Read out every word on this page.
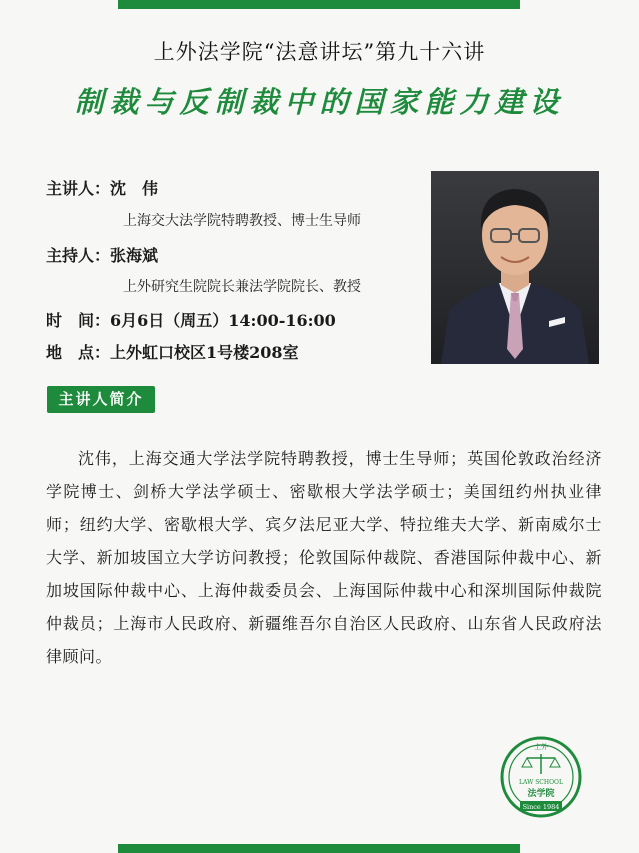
上外法学院“法意讲坛”第九十六讲
制裁与反制裁中的国家能力建设
主讲人：沈　伟
上海交大法学院特聘教授、博士生导师
主持人：张海斌
上外研究生院院长兼法学院院长、教授
时　间：6月6日（周五）14:00-16:00
地　点：上外虹口校区1号楼208室
主讲人简介
沈伟，上海交通大学法学院特聘教授，博士生导师；英国伦敦政治经济学院博士、剑桥大学法学硕士、密歇根大学法学硕士；美国纽约州执业律师；纽约大学、密歇根大学、宾夕法尼亚大学、特拉维夫大学、新南威尔士大学、新加坡国立大学访问教授；伦敦国际仲裁院、香港国际仲裁中心、新加坡国际仲裁中心、上海仲裁委员会、上海国际仲裁中心和深圳国际仲裁院仲裁员；上海市人民政府、新疆维吾尔自治区人民政府、山东省人民政府法律顾问。
上外
LAW SCHOOL
法学院
Since 1984
